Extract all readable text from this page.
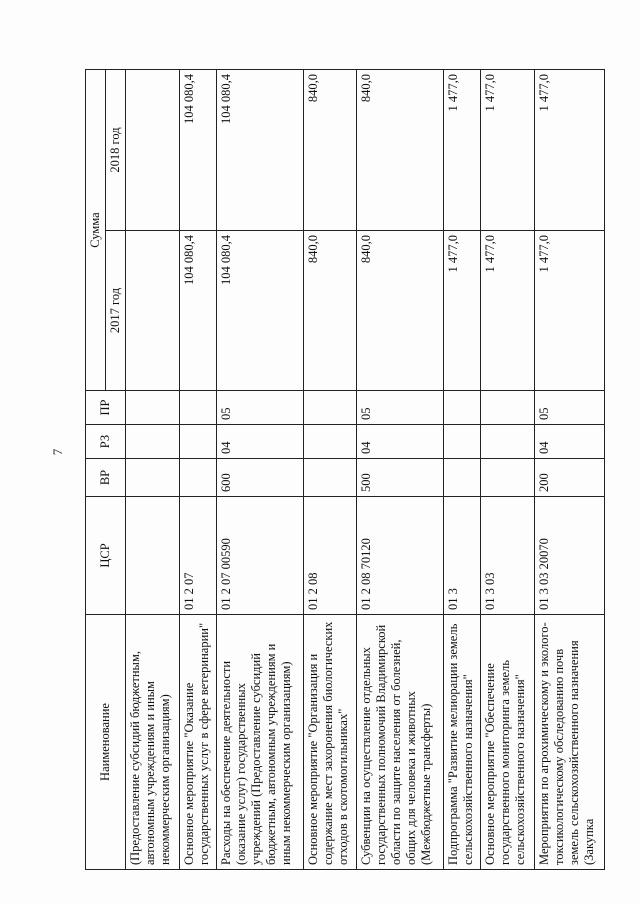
7
Наименование	ЦСР	ВР	РЗ	ПР	Сумма	
					2017 год	2018 год
(Предоставление субсидий бюджетным, автономным учреждениям и иным некоммерческим организациям)						
Основное мероприятие "Оказание государственных услуг в сфере ветеринарии"	01 2 07				104 080,4	104 080,4
Расходы на обеспечение деятельности (оказание услуг) государственных учреждений (Предоставление субсидий бюджетным, автономным учреждениям и иным некоммерческим организациям)	01 2 07 00590	600	04	05	104 080,4	104 080,4
Основное мероприятие "Организация и содержание мест захоронения биологических отходов в скотомогильниках"	01 2 08				840,0	840,0
Субвенции на осуществление отдельных государственных полномочий Владимирской области по защите населения от болезней, общих для человека и животных (Межбюджетные трансферты)	01 2 08 70120	500	04	05	840,0	840,0
Подпрограмма "Развитие мелиорации земель сельскохозяйственного назначения"	01 3				1 477,0	1 477,0
Основное мероприятие "Обеспечение государственного мониторинга земель сельскохозяйственного назначения"	01 3 03				1 477,0	1 477,0
Мероприятия по агрохимическому и эколого-токсикологическому обследованию почв земель сельскохозяйственного назначения (Закупка	01 3 03 20070	200	04	05	1 477,0	1 477,0
